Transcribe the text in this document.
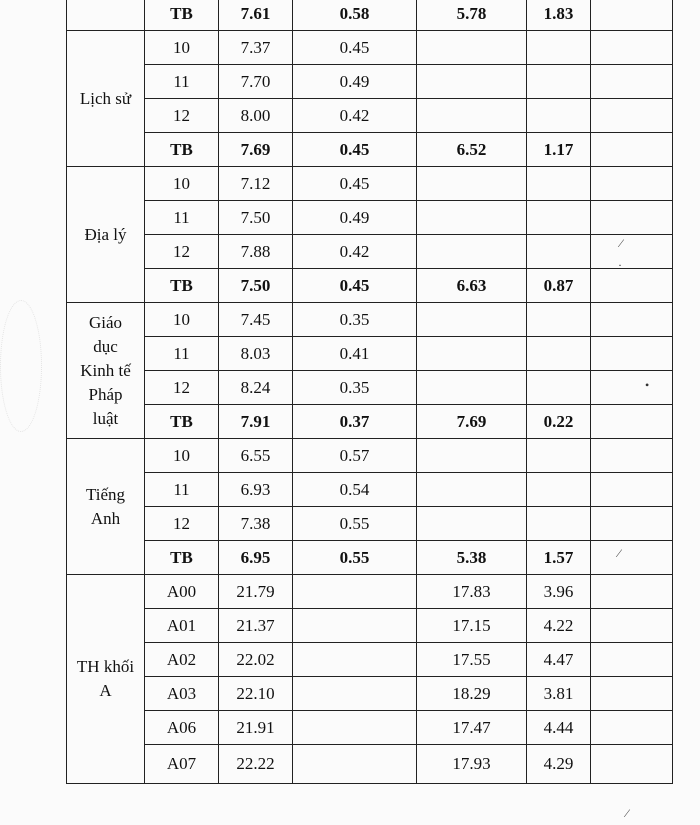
	TB	7.61	0.58	5.78	1.83	

Lịch sử	10	7.37	0.45			
	11	7.70	0.49			
	12	8.00	0.42			
	TB	7.69	0.45	6.52	1.17	

Địa lý	10	7.12	0.45			
	11	7.50	0.49			
	12	7.88	0.42			
	TB	7.50	0.45	6.63	0.87	

Giáo
dục
Kinh tế
Pháp
luật	10	7.45	0.35			
	11	8.03	0.41			
	12	8.24	0.35			
	TB	7.91	0.37	7.69	0.22	

Tiếng
Anh	10	6.55	0.57			
	11	6.93	0.54			
	12	7.38	0.55			
	TB	6.95	0.55	5.38	1.57	

TH khối
A	A00	21.79		17.83	3.96	
	A01	21.37		17.15	4.22	
	A02	22.02		17.55	4.47	
	A03	22.10		18.29	3.81	
	A06	21.91		17.47	4.44	
	A07	22.22		17.93	4.29	
⁄
·
•
⁄
⁄
